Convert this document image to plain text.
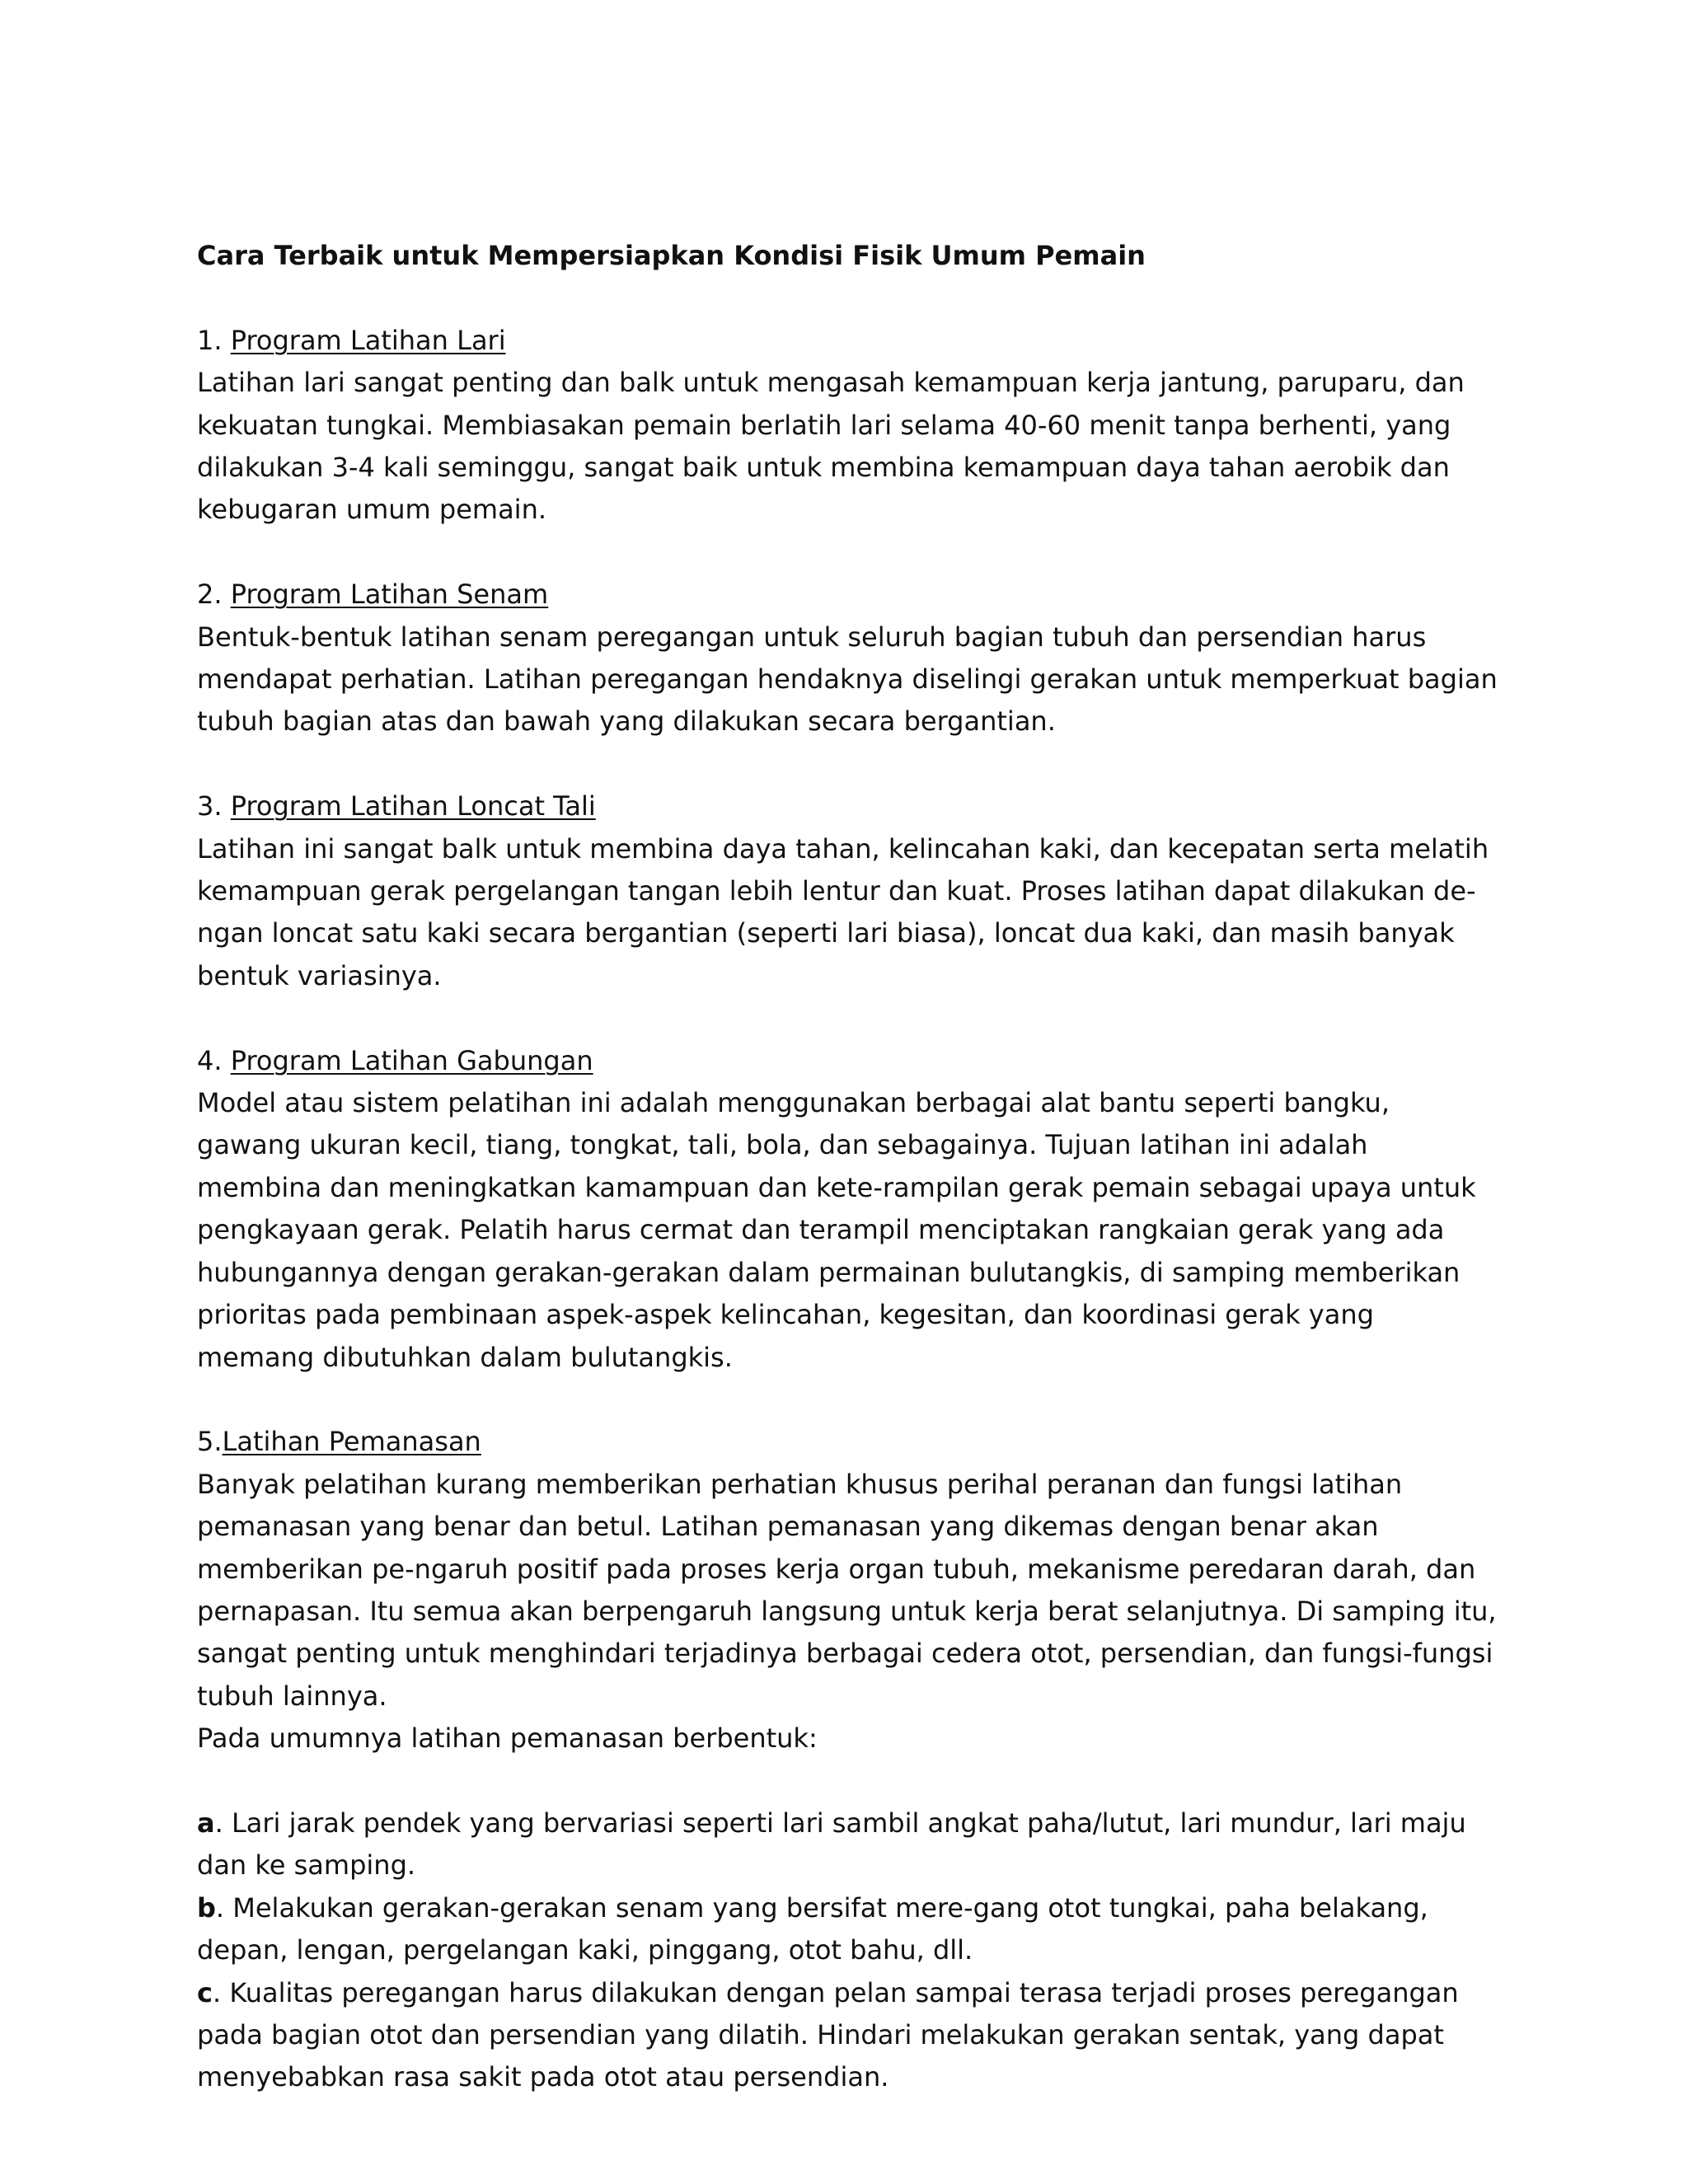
Cara Terbaik untuk Mempersiapkan Kondisi Fisik Umum Pemain

1. Program Latihan Lari

Latihan lari sangat penting dan balk untuk mengasah kemampuan kerja jantung, paruparu, dan kekuatan tungkai. Membiasakan pemain berlatih lari selama 40-60 menit tanpa berhenti, yang dilakukan 3-4 kali seminggu, sangat baik untuk membina kemampuan daya tahan aerobik dan kebugaran umum pemain.

2. Program Latihan Senam

Bentuk-bentuk latihan senam peregangan untuk seluruh bagian tubuh dan persendian harus mendapat perhatian. Latihan peregangan hendaknya diselingi gerakan untuk memperkuat bagian tubuh bagian atas dan bawah yang dilakukan secara bergantian.

3. Program Latihan Loncat Tali

Latihan ini sangat balk untuk membina daya tahan, kelincahan kaki, dan kecepatan serta melatih kemampuan gerak pergelangan tangan lebih lentur dan kuat. Proses latihan dapat dilakukan de-ngan loncat satu kaki secara bergantian (seperti lari biasa), loncat dua kaki, dan masih banyak bentuk variasinya.

4. Program Latihan Gabungan

Model atau sistem pelatihan ini adalah menggunakan berbagai alat bantu seperti bangku, gawang ukuran kecil, tiang, tongkat, tali, bola, dan sebagainya. Tujuan latihan ini adalah membina dan meningkatkan kamampuan dan kete-rampilan gerak pemain sebagai upaya untuk pengkayaan gerak. Pelatih harus cermat dan terampil menciptakan rangkaian gerak yang ada hubungannya dengan gerakan-gerakan dalam permainan bulutangkis, di samping memberikan prioritas pada pembinaan aspek-aspek kelincahan, kegesitan, dan koordinasi gerak yang memang dibutuhkan dalam bulutangkis.

5.Latihan Pemanasan

Banyak pelatihan kurang memberikan perhatian khusus perihal peranan dan fungsi latihan pemanasan yang benar dan betul. Latihan pemanasan yang dikemas dengan benar akan memberikan pe-ngaruh positif pada proses kerja organ tubuh, mekanisme peredaran darah, dan pernapasan. Itu semua akan berpengaruh langsung untuk kerja berat selanjutnya. Di samping itu, sangat penting untuk menghindari terjadinya berbagai cedera otot, persendian, dan fungsi-fungsi tubuh lainnya.

Pada umumnya latihan pemanasan berbentuk:

a. Lari jarak pendek yang bervariasi seperti lari sambil angkat paha/lutut, lari mundur, lari maju dan ke samping.

b. Melakukan gerakan-gerakan senam yang bersifat mere-gang otot tungkai, paha belakang, depan, lengan, pergelangan kaki, pinggang, otot bahu, dll.

c. Kualitas peregangan harus dilakukan dengan pelan sampai terasa terjadi proses peregangan pada bagian otot dan persendian yang dilatih. Hindari melakukan gerakan sentak, yang dapat menyebabkan rasa sakit pada otot atau persendian.
